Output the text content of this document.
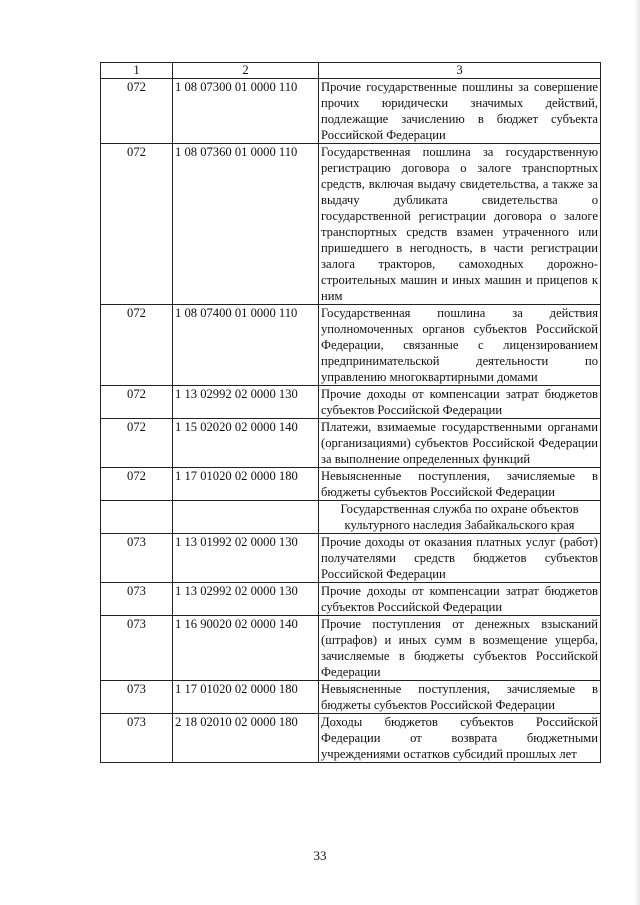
1	2	3
072	1 08 07300 01 0000 110	Прочие государственные пошлины за совершение прочих юридически значимых действий, подлежащие зачислению в бюджет субъекта Российской Федерации
072	1 08 07360 01 0000 110	Государственная пошлина за государственную регистрацию договора о залоге транспортных средств, включая выдачу свидетельства, а также за выдачу дубликата свидетельства о государственной регистрации договора о залоге транспортных средств взамен утраченного или пришедшего в негодность, в части регистрации залога тракторов, самоходных дорожно-строительных машин и иных машин и прицепов к ним
072	1 08 07400 01 0000 110	Государственная пошлина за действия уполномоченных органов субъектов Российской Федерации, связанные с лицензированием предпринимательской деятельности по управлению многоквартирными домами
072	1 13 02992 02 0000 130	Прочие доходы от компенсации затрат бюджетов субъектов Российской Федерации
072	1 15 02020 02 0000 140	Платежи, взимаемые государственными органами (организациями) субъектов Российской Федерации за выполнение определенных функций
072	1 17 01020 02 0000 180	Невыясненные поступления, зачисляемые в бюджеты субъектов Российской Федерации
		Государственная служба по охране объектов культурного наследия Забайкальского края
073	1 13 01992 02 0000 130	Прочие доходы от оказания платных услуг (работ) получателями средств бюджетов субъектов Российской Федерации
073	1 13 02992 02 0000 130	Прочие доходы от компенсации затрат бюджетов субъектов Российской Федерации
073	1 16 90020 02 0000 140	Прочие поступления от денежных взысканий (штрафов) и иных сумм в возмещение ущерба, зачисляемые в бюджеты субъектов Российской Федерации
073	1 17 01020 02 0000 180	Невыясненные поступления, зачисляемые в бюджеты субъектов Российской Федерации
073	2 18 02010 02 0000 180	Доходы бюджетов субъектов Российской Федерации от возврата бюджетными учреждениями остатков субсидий прошлых лет
33
